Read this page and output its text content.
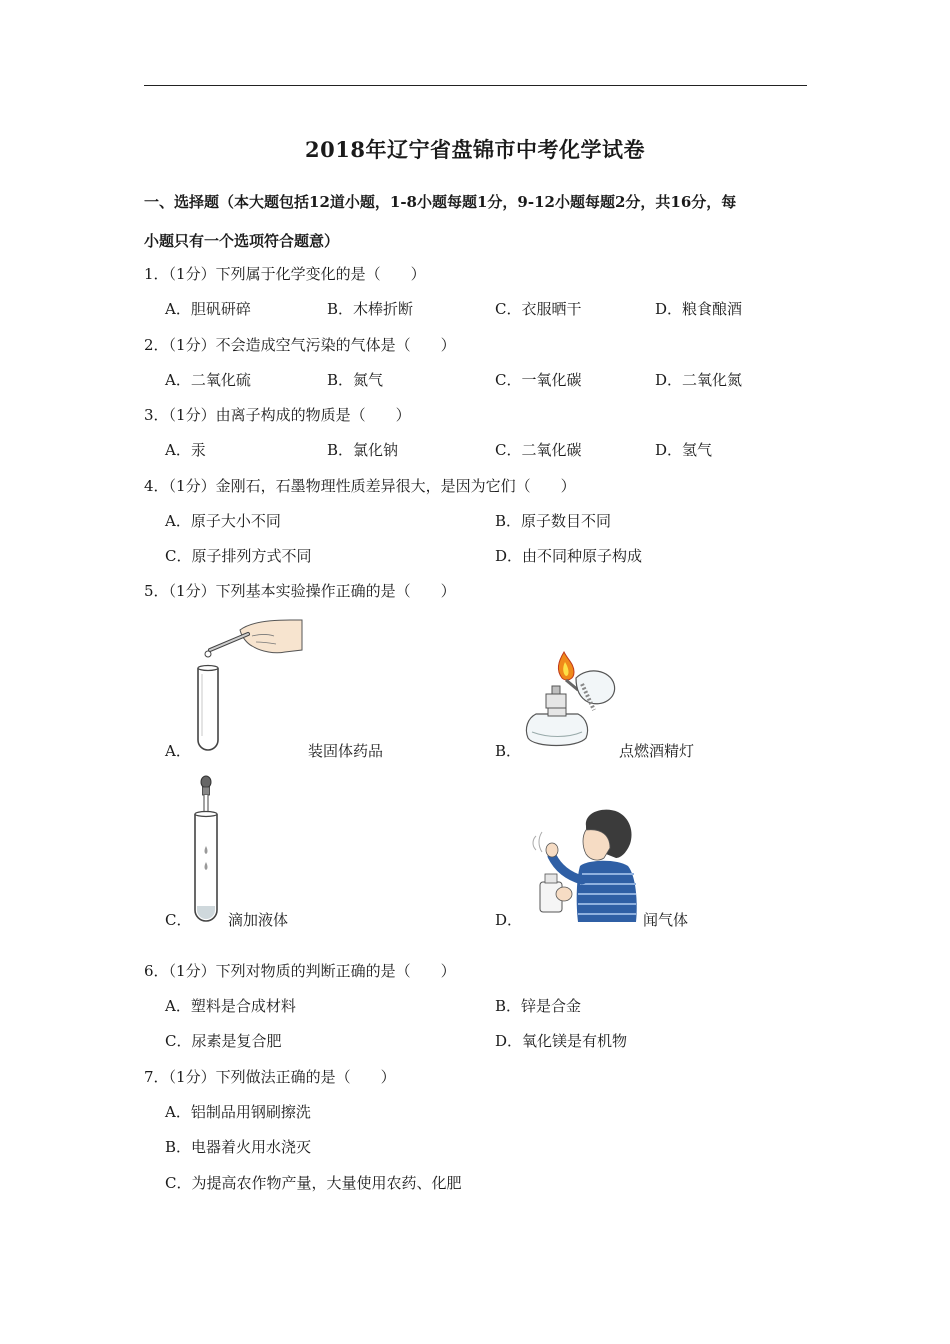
2018年辽宁省盘锦市中考化学试卷
一、选择题（本大题包括12道小题，1-8小题每题1分，9-12小题每题2分，共16分，每
小题只有一个选项符合题意）
1．（1分）下列属于化学变化的是（　　）
A．胆矾研碎	B．木棒折断	C．衣服晒干	D．粮食酿酒
2．（1分）不会造成空气污染的气体是（　　）
A．二氧化硫	B．氮气	C．一氧化碳	D．二氧化氮
3．（1分）由离子构成的物质是（　　）
A．汞	B．氯化钠	C．二氧化碳	D．氢气
4．（1分）金刚石，石墨物理性质差异很大，是因为它们（　　）
A．原子大小不同	B．原子数目不同
C．原子排列方式不同	D．由不同种原子构成
5．（1分）下列基本实验操作正确的是（　　）
A．	装固体药品	B．	点燃酒精灯
C． 滴加液体	D．	闻气体
6．（1分）下列对物质的判断正确的是（　　）
A．塑料是合成材料	B．锌是合金
C．尿素是复合肥	D．氧化镁是有机物
7．（1分）下列做法正确的是（　　）
A．铝制品用钢刷擦洗
B．电器着火用水浇灭
C．为提高农作物产量，大量使用农药、化肥
